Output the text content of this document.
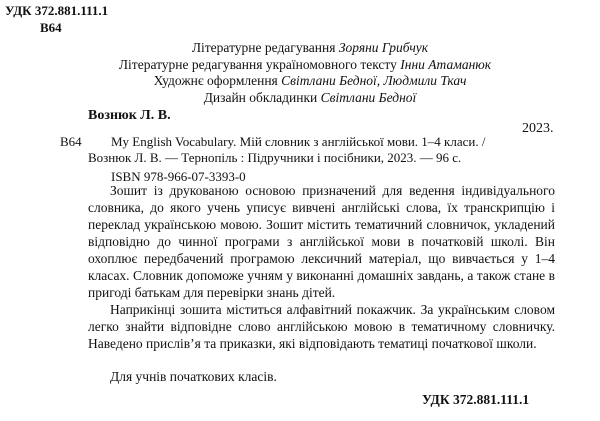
УДК 372.881.111.1
В64
Літературне редагування Зоряни Грибчук
Літературне редагування україномовного тексту Інни Атаманюк
Художнє оформлення Світлани Бедної, Людмили Ткач
Дизайн обкладинки Світлани Бедної
Вознюк Л. В.
2023.
В64 My English Vocabulary. Мій словник з англійської мови. 1–4 класи. /
Вознюк Л. В. — Тернопіль : Підручники і посібники, 2023. — 96 с.
ISBN 978-966-07-3393-0
Зошит із друкованою основою призначений для ведення індивідуального словника, до якого учень уписує вивчені англійські слова, їх транскрипцію і переклад українською мовою. Зошит містить тематичний словничок, укладений відповідно до чинної програми з англійської мови в початковій школі. Він охоплює передбачений програмою лексичний матеріал, що вивчається у 1–4 класах. Словник допоможе учням у виконанні домашніх завдань, а також стане в пригоді батькам для перевірки знань дітей.
Наприкінці зошита міститься алфавітний покажчик. За українським словом легко знайти відповідне слово англійською мовою в тематичному словничку. Наведено прислів’я та приказки, які відповідають тематиці початкової школи.
Для учнів початкових класів.
УДК 372.881.111.1
